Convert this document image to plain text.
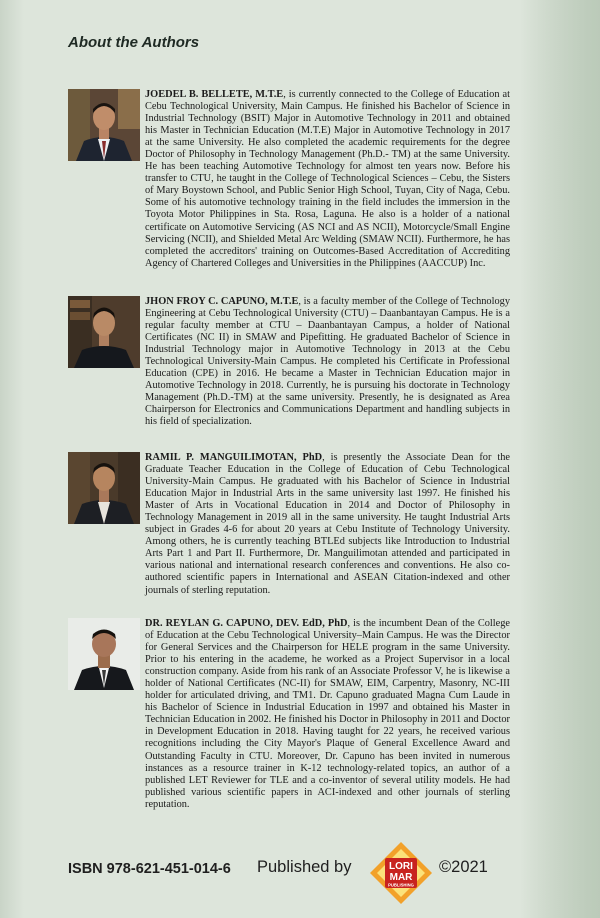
About the Authors

JOEDEL B. BELLETE, M.T.E, is currently connected to the College of Education at Cebu Technological University, Main Campus. He finished his Bachelor of Science in Industrial Technology (BSIT) Major in Automotive Technology in 2011 and obtained his Master in Technician Education (M.T.E) Major in Automotive Technology in 2017 at the same University. He also completed the academic requirements for the degree Doctor of Philosophy in Technology Management (Ph.D.- TM) at the same University. He has been teaching Automotive Technology for almost ten years now. Before his transfer to CTU, he taught in the College of Technological Sciences – Cebu, the Sisters of Mary Boystown School, and Public Senior High School, Tuyan, City of Naga, Cebu. Some of his automotive technology training in the field includes the immersion in the Toyota Motor Philippines in Sta. Rosa, Laguna. He also is a holder of a national certificate on Automotive Servicing (AS NCI and AS NCII), Motorcycle/Small Engine Servicing (NCII), and Shielded Metal Arc Welding (SMAW NCII). Furthermore, he has completed the accreditors' training on Outcomes-Based Accreditation of Accrediting Agency of Chartered Colleges and Universities in the Philippines (AACCUP) Inc.

JHON FROY C. CAPUNO, M.T.E, is a faculty member of the College of Technology Engineering at Cebu Technological University (CTU) – Daanbantayan Campus. He is a regular faculty member at CTU – Daanbantayan Campus, a holder of National Certificates (NC II) in SMAW and Pipefitting. He graduated Bachelor of Science in Industrial Technology major in Automotive Technology in 2013 at the Cebu Technological University-Main Campus. He completed his Certificate in Professional Education (CPE) in 2016. He became a Master in Technician Education major in Automotive Technology in 2018. Currently, he is pursuing his doctorate in Technology Management (Ph.D.-TM) at the same university. Presently, he is designated as Area Chairperson for Electronics and Communications Department and handling subjects in his field of specialization.

RAMIL P. MANGUILIMOTAN, PhD, is presently the Associate Dean for the Graduate Teacher Education in the College of Education of Cebu Technological University-Main Campus. He graduated with his Bachelor of Science in Industrial Education Major in Industrial Arts in the same university last 1997. He finished his Master of Arts in Vocational Education in 2014 and Doctor of Philosophy in Technology Management in 2019 all in the same university. He taught Industrial Arts subject in Grades 4-6 for about 20 years at Cebu Institute of Technology University. Among others, he is currently teaching BTLEd subjects like Introduction to Industrial Arts Part 1 and Part II. Furthermore, Dr. Manguilimotan attended and participated in various national and international research conferences and conventions. He also co-authored scientific papers in International and ASEAN Citation-indexed and other journals of sterling reputation.

DR. REYLAN G. CAPUNO, DEV. EdD, PhD, is the incumbent Dean of the College of Education at the Cebu Technological University–Main Campus. He was the Director for General Services and the Chairperson for HELE program in the same University. Prior to his entering in the academe, he worked as a Project Supervisor in a local construction company. Aside from his rank of an Associate Professor V, he is likewise a holder of National Certificates (NC-II) for SMAW, EIM, Carpentry, Masonry, NC-III holder for articulated driving, and TM1. Dr. Capuno graduated Magna Cum Laude in his Bachelor of Science in Industrial Education in 1997 and obtained his Master in Technician Education in 2002. He finished his Doctor in Philosophy in 2011 and Doctor in Development Education in 2018. Having taught for 22 years, he received various recognitions including the City Mayor's Plaque of General Excellence Award and Outstanding Faculty in CTU. Moreover, Dr. Capuno has been invited in numerous instances as a resource trainer in K-12 technology-related topics, an author of a published LET Reviewer for TLE and a co-inventor of several utility models. He had published various scientific papers in ACI-indexed and other journals of sterling reputation.

ISBN 978-621-451-014-6 Published by	LORI
MAR
PUBLISHING
©2021
